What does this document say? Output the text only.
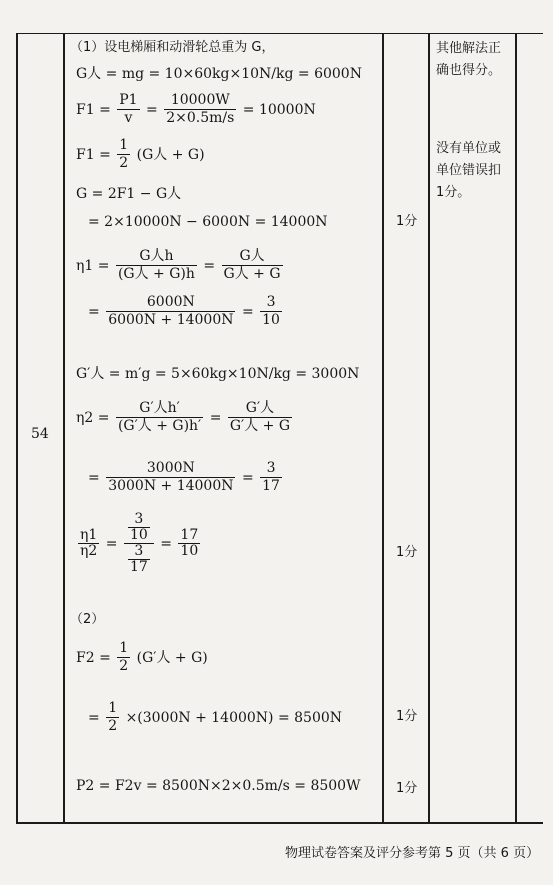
54
（1）设电梯厢和动滑轮总重为 G，
G人 = mg = 10×60kg×10N/kg = 6000N
$F1 = \frac{P1}{v} = \frac{10000W}{2\times 0.5m/s} = 10000N$
$F1 = \frac{1}{2} (G$人 + G)
G = 2F1 − G人
= 2×10000N − 6000N = 14000N
$\eta 1 = \frac{\text{G人h}}{\text{(G人 + G)h}} = \frac{\text{G人}}{\text{G人 + G}}$
= $\frac{6000N}{6000N + 14000N} = \frac{3}{10}$
G′人 = m′g = 5×60kg×10N/kg = 3000N
$\eta 2 = \frac{\text{G′人h′}}{\text{(G′人 + G)h′}} = \frac{\text{G′人}}{\text{G′人 + G}}$
= $\frac{3000N}{3000N + 14000N} = \frac{3}{17}$
$\frac{\eta 1}{\eta 2} = \frac{\frac{3}{10}}{\frac{3}{17}} = \frac{17}{10}$
（2）
$F2 = \frac{1}{2} (G'$人 + G)
= $\frac{1}{2} \times(3000N + 14000N) = 8500N$
P2 = F2v = 8500N×2×0.5m/s = 8500W
1分
1分
1分
1分
其他解法正
确也得分。
没有单位或
单位错误扣
1分。
物理试卷答案及评分参考第 5 页（共 6 页）
